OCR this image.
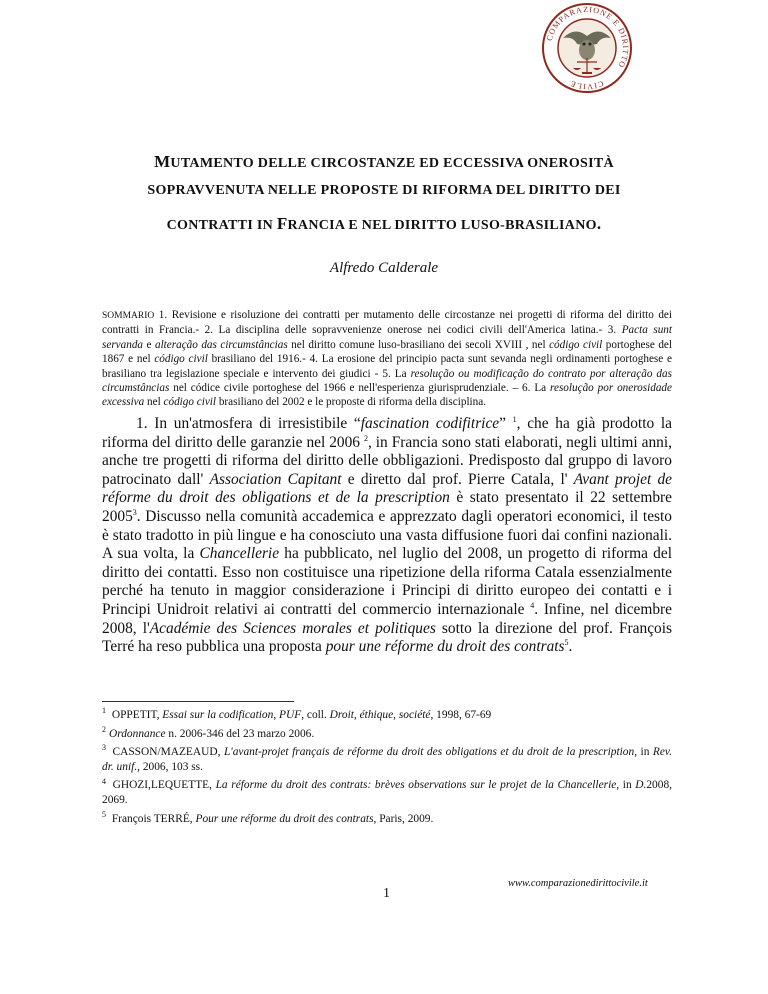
COMPARAZIONE E DIRITTO
CIVILE
MUTAMENTO DELLE CIRCOSTANZE ED ECCESSIVA ONEROSITÀ
SOPRAVVENUTA NELLE PROPOSTE DI RIFORMA DEL DIRITTO DEI
CONTRATTI IN FRANCIA E NEL DIRITTO LUSO-BRASILIANO.
Alfredo Calderale
SOMMARIO 1. Revisione e risoluzione dei contratti per mutamento delle circostanze nei progetti di riforma del diritto dei contratti in Francia.- 2. La disciplina delle sopravvenienze onerose nei codici civili dell'America latina.- 3. Pacta sunt servanda e alteração das circumstâncias nel diritto comune luso-brasiliano dei secoli XVIII , nel código civil portoghese del 1867 e nel código civil brasiliano del 1916.- 4. La erosione del principio pacta sunt sevanda negli ordinamenti portoghese e brasiliano tra legislazione speciale e intervento dei giudici - 5. La resolução ou modificação do contrato por alteração das circumstâncias nel códice civile portoghese del 1966 e nell'esperienza giurisprudenziale. – 6. La resolução por onerosidade excessiva nel código civil brasiliano del 2002 e le proposte di riforma della disciplina.

1. In un'atmosfera di irresistibile “fascination codifitrice” $^1$, che ha già prodotto la riforma del diritto delle garanzie nel 2006 $^2$, in Francia sono stati elaborati, negli ultimi anni, anche tre progetti di riforma del diritto delle obbligazioni. Predisposto dal gruppo di lavoro patrocinato dall' Association Capitant e diretto dal prof. Pierre Catala, l' Avant projet de réforme du droit des obligations et de la prescription è stato presentato il 22 settembre 2005$^3$. Discusso nella comunità accademica e apprezzato dagli operatori economici, il testo è stato tradotto in più lingue e ha conosciuto una vasta diffusione fuori dai confini nazionali. A sua volta, la Chancellerie ha pubblicato, nel luglio del 2008, un progetto di riforma del diritto dei contatti. Esso non costituisce una ripetizione della riforma Catala essenzialmente perché ha tenuto in maggior considerazione i Principi di diritto europeo dei contatti e i Principi Unidroit relativi ai contratti del commercio internazionale $^4$. Infine, nel dicembre 2008, l'Académie des Sciences morales et politiques sotto la direzione del prof. François Terré ha reso pubblica una proposta pour une réforme du droit des contrats$^5$.

$^1$ OPPETIT, Essai sur la codification, PUF, coll. Droit, éthique, société, 1998, 67-69
$^2$ Ordonnance n. 2006-346 del 23 marzo 2006.
$^3$ CASSON/MAZEAUD, L'avant-projet français de réforme du droit des obligations et du droit de la prescription, in Rev. dr. unif., 2006, 103 ss.
$^4$ GHOZI,LEQUETTE, La réforme du droit des contrats: brèves observations sur le projet de la Chancellerie, in D.2008, 2069.
$^5$ François TERRÉ, Pour une réforme du droit des contrats, Paris, 2009.
1
www.comparazionedirittocivile.it
